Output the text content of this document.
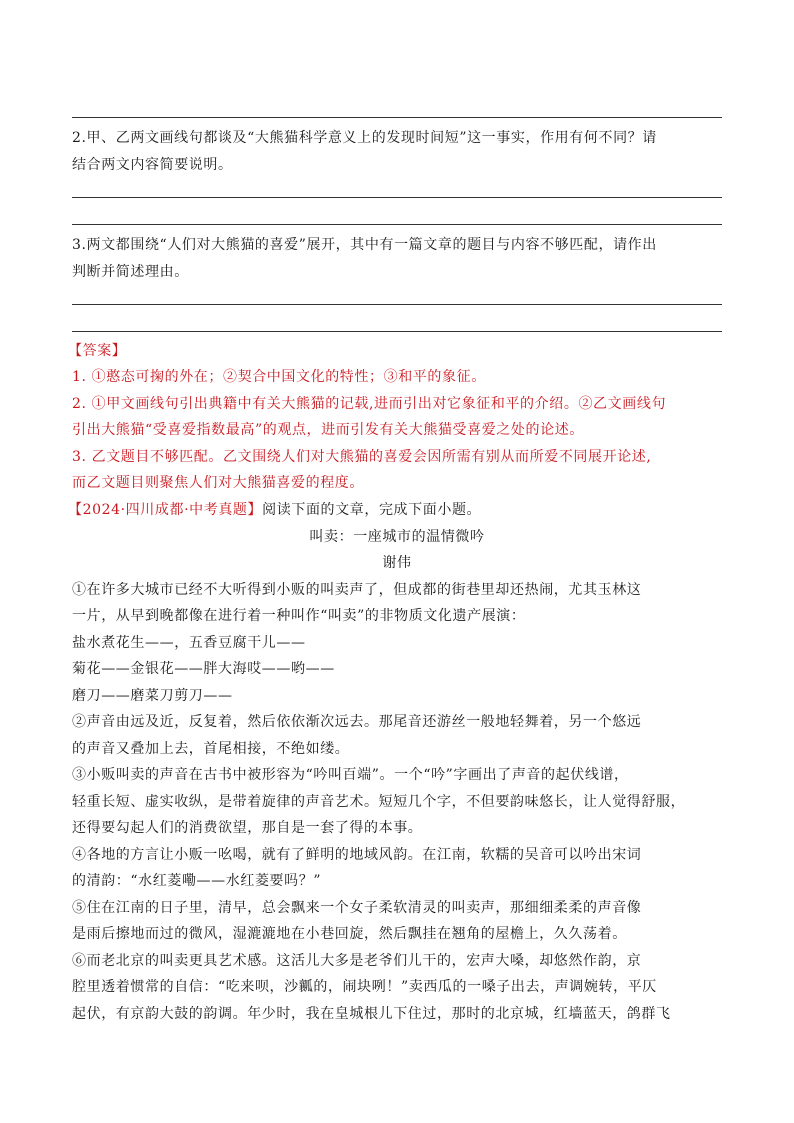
2.甲、乙两文画线句都谈及“大熊猫科学意义上的发现时间短”这一事实，作用有何不同？请
结合两文内容简要说明。
3.两文都围绕“人们对大熊猫的喜爱”展开，其中有一篇文章的题目与内容不够匹配，请作出
判断并简述理由。
【答案】
1. ①憨态可掬的外在；②契合中国文化的特性；③和平的象征。
2. ①甲文画线句引出典籍中有关大熊猫的记载,进而引出对它象征和平的介绍。②乙文画线句
引出大熊猫“受喜爱指数最高”的观点，进而引发有关大熊猫受喜爱之处的论述。
3. 乙文题目不够匹配。乙文围绕人们对大熊猫的喜爱会因所需有别从而所爱不同展开论述,
而乙文题目则聚焦人们对大熊猫喜爱的程度。
【2024·四川成都·中考真题】阅读下面的文章，完成下面小题。
叫卖：一座城市的温情微吟
谢伟
①在许多大城市已经不大听得到小贩的叫卖声了，但成都的街巷里却还热闹，尤其玉林这
一片，从早到晚都像在进行着一种叫作“叫卖”的非物质文化遗产展演：
盐水煮花生——，五香豆腐干儿——
菊花——金银花——胖大海哎——哟——
磨刀——磨菜刀剪刀——
②声音由远及近，反复着，然后依依渐次远去。那尾音还游丝一般地轻舞着，另一个悠远
的声音又叠加上去，首尾相接，不绝如缕。
③小贩叫卖的声音在古书中被形容为“吟叫百端”。一个“吟”字画出了声音的起伏线谱，
轻重长短、虚实收纵，是带着旋律的声音艺术。短短几个字，不但要韵味悠长，让人觉得舒服，
还得要勾起人们的消费欲望，那自是一套了得的本事。
④各地的方言让小贩一吆喝，就有了鲜明的地域风韵。在江南，软糯的吴音可以吟出宋词
的清韵：“水红菱嘞——水红菱要吗？”
⑤住在江南的日子里，清早，总会飘来一个女子柔软清灵的叫卖声，那细细柔柔的声音像
是雨后擦地而过的微风，湿漉漉地在小巷回旋，然后飘挂在翘角的屋檐上，久久荡着。
⑥而老北京的叫卖更具艺术感。这活儿大多是老爷们儿干的，宏声大嗓，却悠然作韵，京
腔里透着惯常的自信：“吃来呗，沙瓤的，闹块咧！”卖西瓜的一嗓子出去，声调婉转，平仄
起伏，有京韵大鼓的韵调。年少时，我在皇城根儿下住过，那时的北京城，红墙蓝天，鸽群飞
